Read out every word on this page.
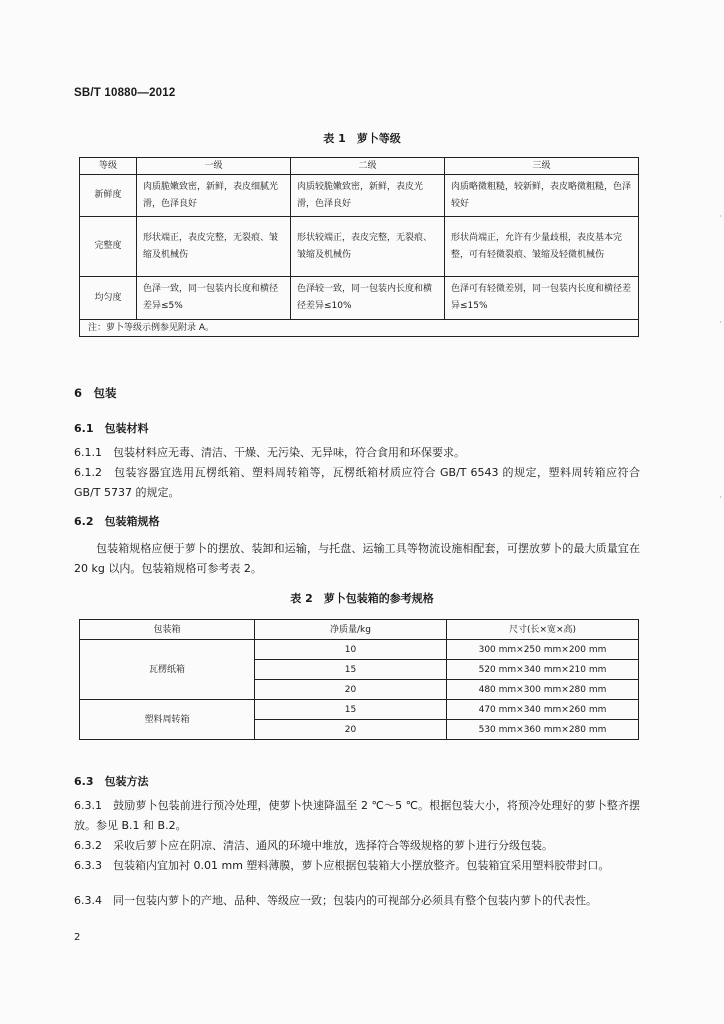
SB/T 10880—2012
表 1　萝卜等级
等级	一级	二级	三级
新鲜度	肉质脆嫩致密，新鲜，表皮细腻光滑，色泽良好	肉质较脆嫩致密，新鲜，表皮光滑，色泽良好	肉质略微粗糙，较新鲜，表皮略微粗糙，色泽较好
完整度	形状端正，表皮完整，无裂痕、皱缩及机械伤	形状较端正，表皮完整，无裂痕、皱缩及机械伤	形状尚端正，允许有少量歧根，表皮基本完整，可有轻微裂痕、皱缩及轻微机械伤
均匀度	色泽一致，同一包装内长度和横径差异≤5%	色泽较一致，同一包装内长度和横径差异≤10%	色泽可有轻微差别，同一包装内长度和横径差异≤15%
注：萝卜等级示例参见附录 A。			
6　包装
6.1　包装材料
6.1.1　包装材料应无毒、清洁、干燥、无污染、无异味，符合食用和环保要求。
6.1.2　包装容器宜选用瓦楞纸箱、塑料周转箱等，瓦楞纸箱材质应符合 GB/T 6543 的规定，塑料周转箱应符合 GB/T 5737 的规定。
6.2　包装箱规格
包装箱规格应便于萝卜的摆放、装卸和运输，与托盘、运输工具等物流设施相配套，可摆放萝卜的最大质量宜在 20 kg 以内。包装箱规格可参考表 2。
表 2　萝卜包装箱的参考规格
包装箱	净质量/kg	尺寸(长×宽×高)
瓦楞纸箱	10	300 mm×250 mm×200 mm
	15	520 mm×340 mm×210 mm
	20	480 mm×300 mm×280 mm
塑料周转箱	15	470 mm×340 mm×260 mm
	20	530 mm×360 mm×280 mm
6.3　包装方法
6.3.1　鼓励萝卜包装前进行预冷处理，使萝卜快速降温至 2 ℃～5 ℃。根据包装大小，将预冷处理好的萝卜整齐摆放。参见 B.1 和 B.2。
6.3.2　采收后萝卜应在阴凉、清洁、通风的环境中堆放，选择符合等级规格的萝卜进行分级包装。
6.3.3　包装箱内宜加衬 0.01 mm 塑料薄膜，萝卜应根据包装箱大小摆放整齐。包装箱宜采用塑料胶带封口。
6.3.4　同一包装内萝卜的产地、品种、等级应一致；包装内的可视部分必须具有整个包装内萝卜的代表性。
2
·
·
·
